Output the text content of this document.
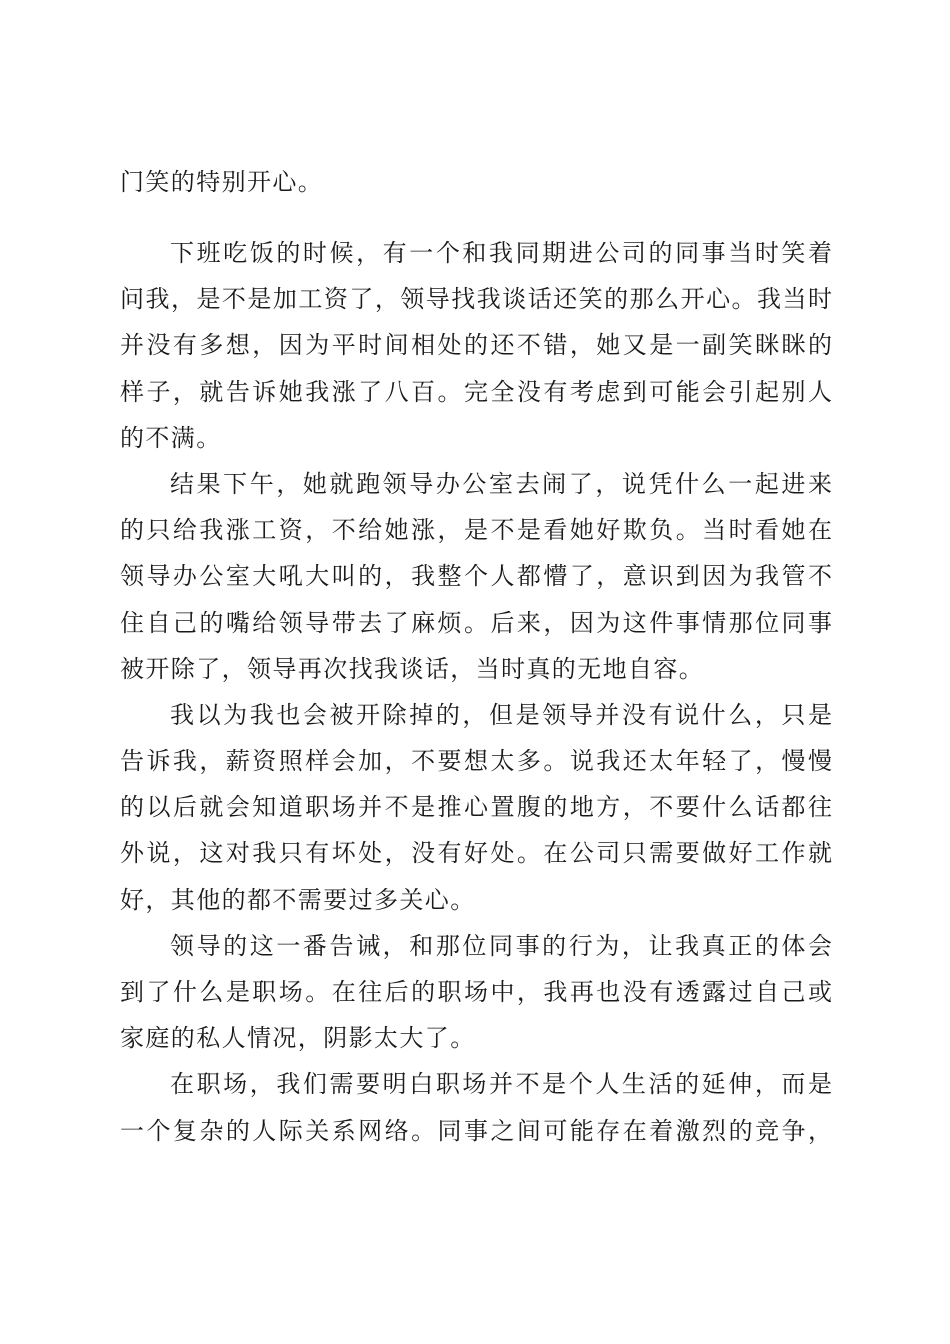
门笑的特别开心。
下班吃饭的时候，有一个和我同期进公司的同事当时笑着
问我，是不是加工资了，领导找我谈话还笑的那么开心。我当时
并没有多想，因为平时间相处的还不错，她又是一副笑眯眯的
样子，就告诉她我涨了八百。完全没有考虑到可能会引起别人
的不满。
结果下午，她就跑领导办公室去闹了，说凭什么一起进来
的只给我涨工资，不给她涨，是不是看她好欺负。当时看她在
领导办公室大吼大叫的，我整个人都懵了，意识到因为我管不
住自己的嘴给领导带去了麻烦。后来，因为这件事情那位同事
被开除了，领导再次找我谈话，当时真的无地自容。
我以为我也会被开除掉的，但是领导并没有说什么，只是
告诉我，薪资照样会加，不要想太多。说我还太年轻了，慢慢
的以后就会知道职场并不是推心置腹的地方，不要什么话都往
外说，这对我只有坏处，没有好处。在公司只需要做好工作就
好，其他的都不需要过多关心。
领导的这一番告诫，和那位同事的行为，让我真正的体会
到了什么是职场。在往后的职场中，我再也没有透露过自己或
家庭的私人情况，阴影太大了。
在职场，我们需要明白职场并不是个人生活的延伸，而是
一个复杂的人际关系网络。同事之间可能存在着激烈的竞争，
